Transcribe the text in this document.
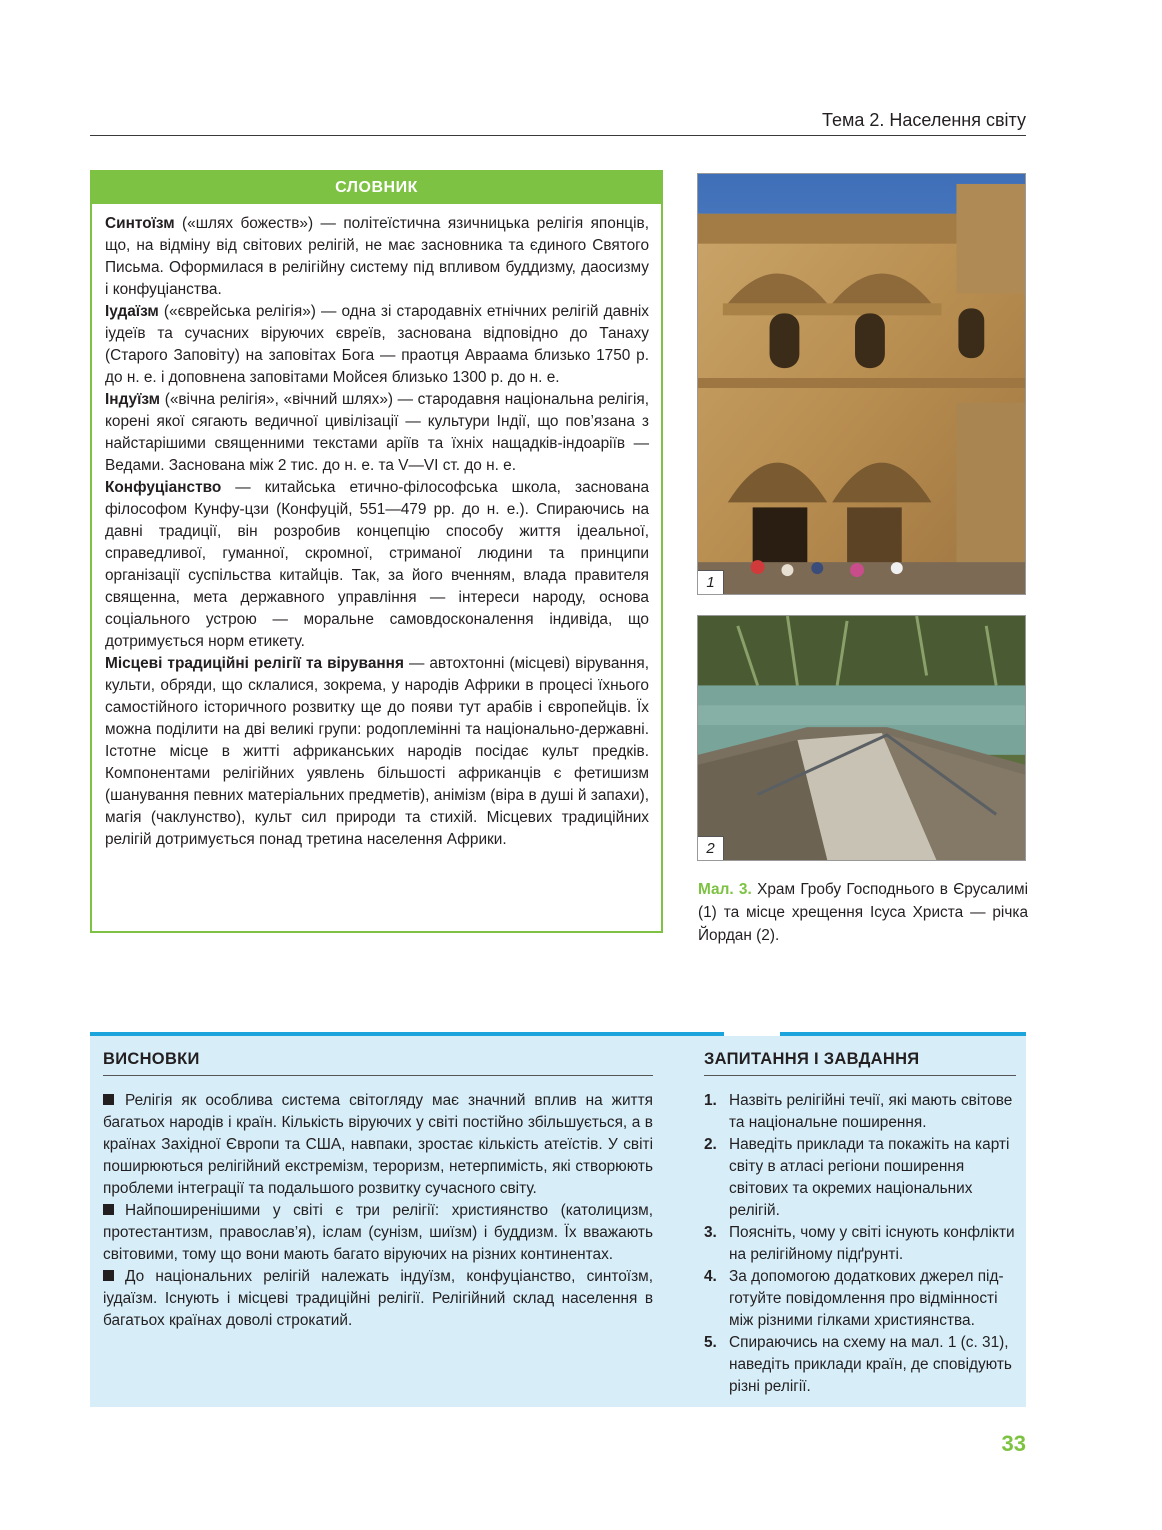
Тема 2. Населення світу
СЛОВНИК

Синтоїзм («шлях божеств») — політеїстична язичницька релігія японців, що, на відміну від світових релігій, не має засновника та єдиного Святого Письма. Оформилася в релігійну систему під впливом буддизму, даосизму і конфуціанства.

Іудаїзм («єврейська релігія») — одна зі стародавніх етнічних релігій давніх іудеїв та сучасних віруючих євреїв, заснована відповідно до Танаху (Старого Заповіту) на заповітах Бога — праотця Авраама близько 1750 р. до н. е. і доповнена заповітами Мойсея близько 1300 р. до н. е.

Індуїзм («вічна релігія», «вічний шлях») — стародавня національна релігія, корені якої сягають ведичної цивілізації — культури Індії, що пов’язана з найстарішими священними текстами аріїв та їхніх нащадків-індоаріїв — Ведами. Заснована між 2 тис. до н. е. та V—VI ст. до н. е.

Конфуціанство — китайська етично-філософська школа, заснована філософом Кунфу-цзи (Конфуцій, 551—479 рр. до н. е.). Спираючись на давні традиції, він розробив концепцію способу життя ідеальної, справедливої, гуманної, скромної, стриманої людини та принципи організації суспільства китайців. Так, за його вченням, влада правителя священна, мета державного управління — інтереси народу, основа соціального устрою — моральне самовдосконалення індивіда, що дотримується норм етикету.

Місцеві традиційні релігії та вірування — автохтонні (місцеві) вірування, культи, обряди, що склалися, зокрема, у народів Африки в процесі їхнього самостійного історичного розвитку ще до появи тут арабів і європейців. Їх можна поділити на дві великі групи: родоплемінні та національно-державні. Істотне місце в житті африканських народів посідає культ предків. Компонентами релігійних уявлень більшості африканців є фетишизм (шанування певних матеріальних предметів), анімізм (віра в душі й запахи), магія (чаклунство), культ сил природи та стихій. Місцевих традиційних релігій дотримується понад третина населення Африки.

1
2
Мал. 3. Храм Гробу Господнього в Єрусалимі (1) та місце хрещення Ісуса Христа — річка Йордан (2).
ВИСНОВКИ

Релігія як особлива система світогляду має значний вплив на життя багатьох народів і країн. Кількість віруючих у світі постійно збільшується, а в країнах Західної Європи та США, навпаки, зростає кількість атеїстів. У світі поширюються релігійний екстремізм, тероризм, нетерпимість, які створюють проблеми інтеграції та подальшого розвитку сучасного світу.

Найпоширенішими у світі є три релігії: християнство (католицизм, протестантизм, православ’я), іслам (сунізм, шиїзм) і буддизм. Їх вважають світовими, тому що вони мають багато віруючих на різних континентах.

До національних релігій належать індуїзм, конфуціанство, синтоїзм, іудаїзм. Існують і місцеві традиційні релігії. Релігійний склад населення в багатьох країнах доволі строкатий.

ЗАПИТАННЯ І ЗАВДАННЯ
1. Назвіть релігійні течії, які мають світове та національне поширення.
2. Наведіть приклади та покажіть на карті світу в атласі регіони поширення світових та окремих національних релігій.
3. Поясніть, чому у світі існують конфлікти на релігійному підґрунті.
4. За допомогою додаткових джерел підготуйте повідомлення про відмінності між різними гілками християнства.
5. Спираючись на схему на мал. 1 (с. 31), наведіть приклади країн, де сповідують різні релігії.
33
